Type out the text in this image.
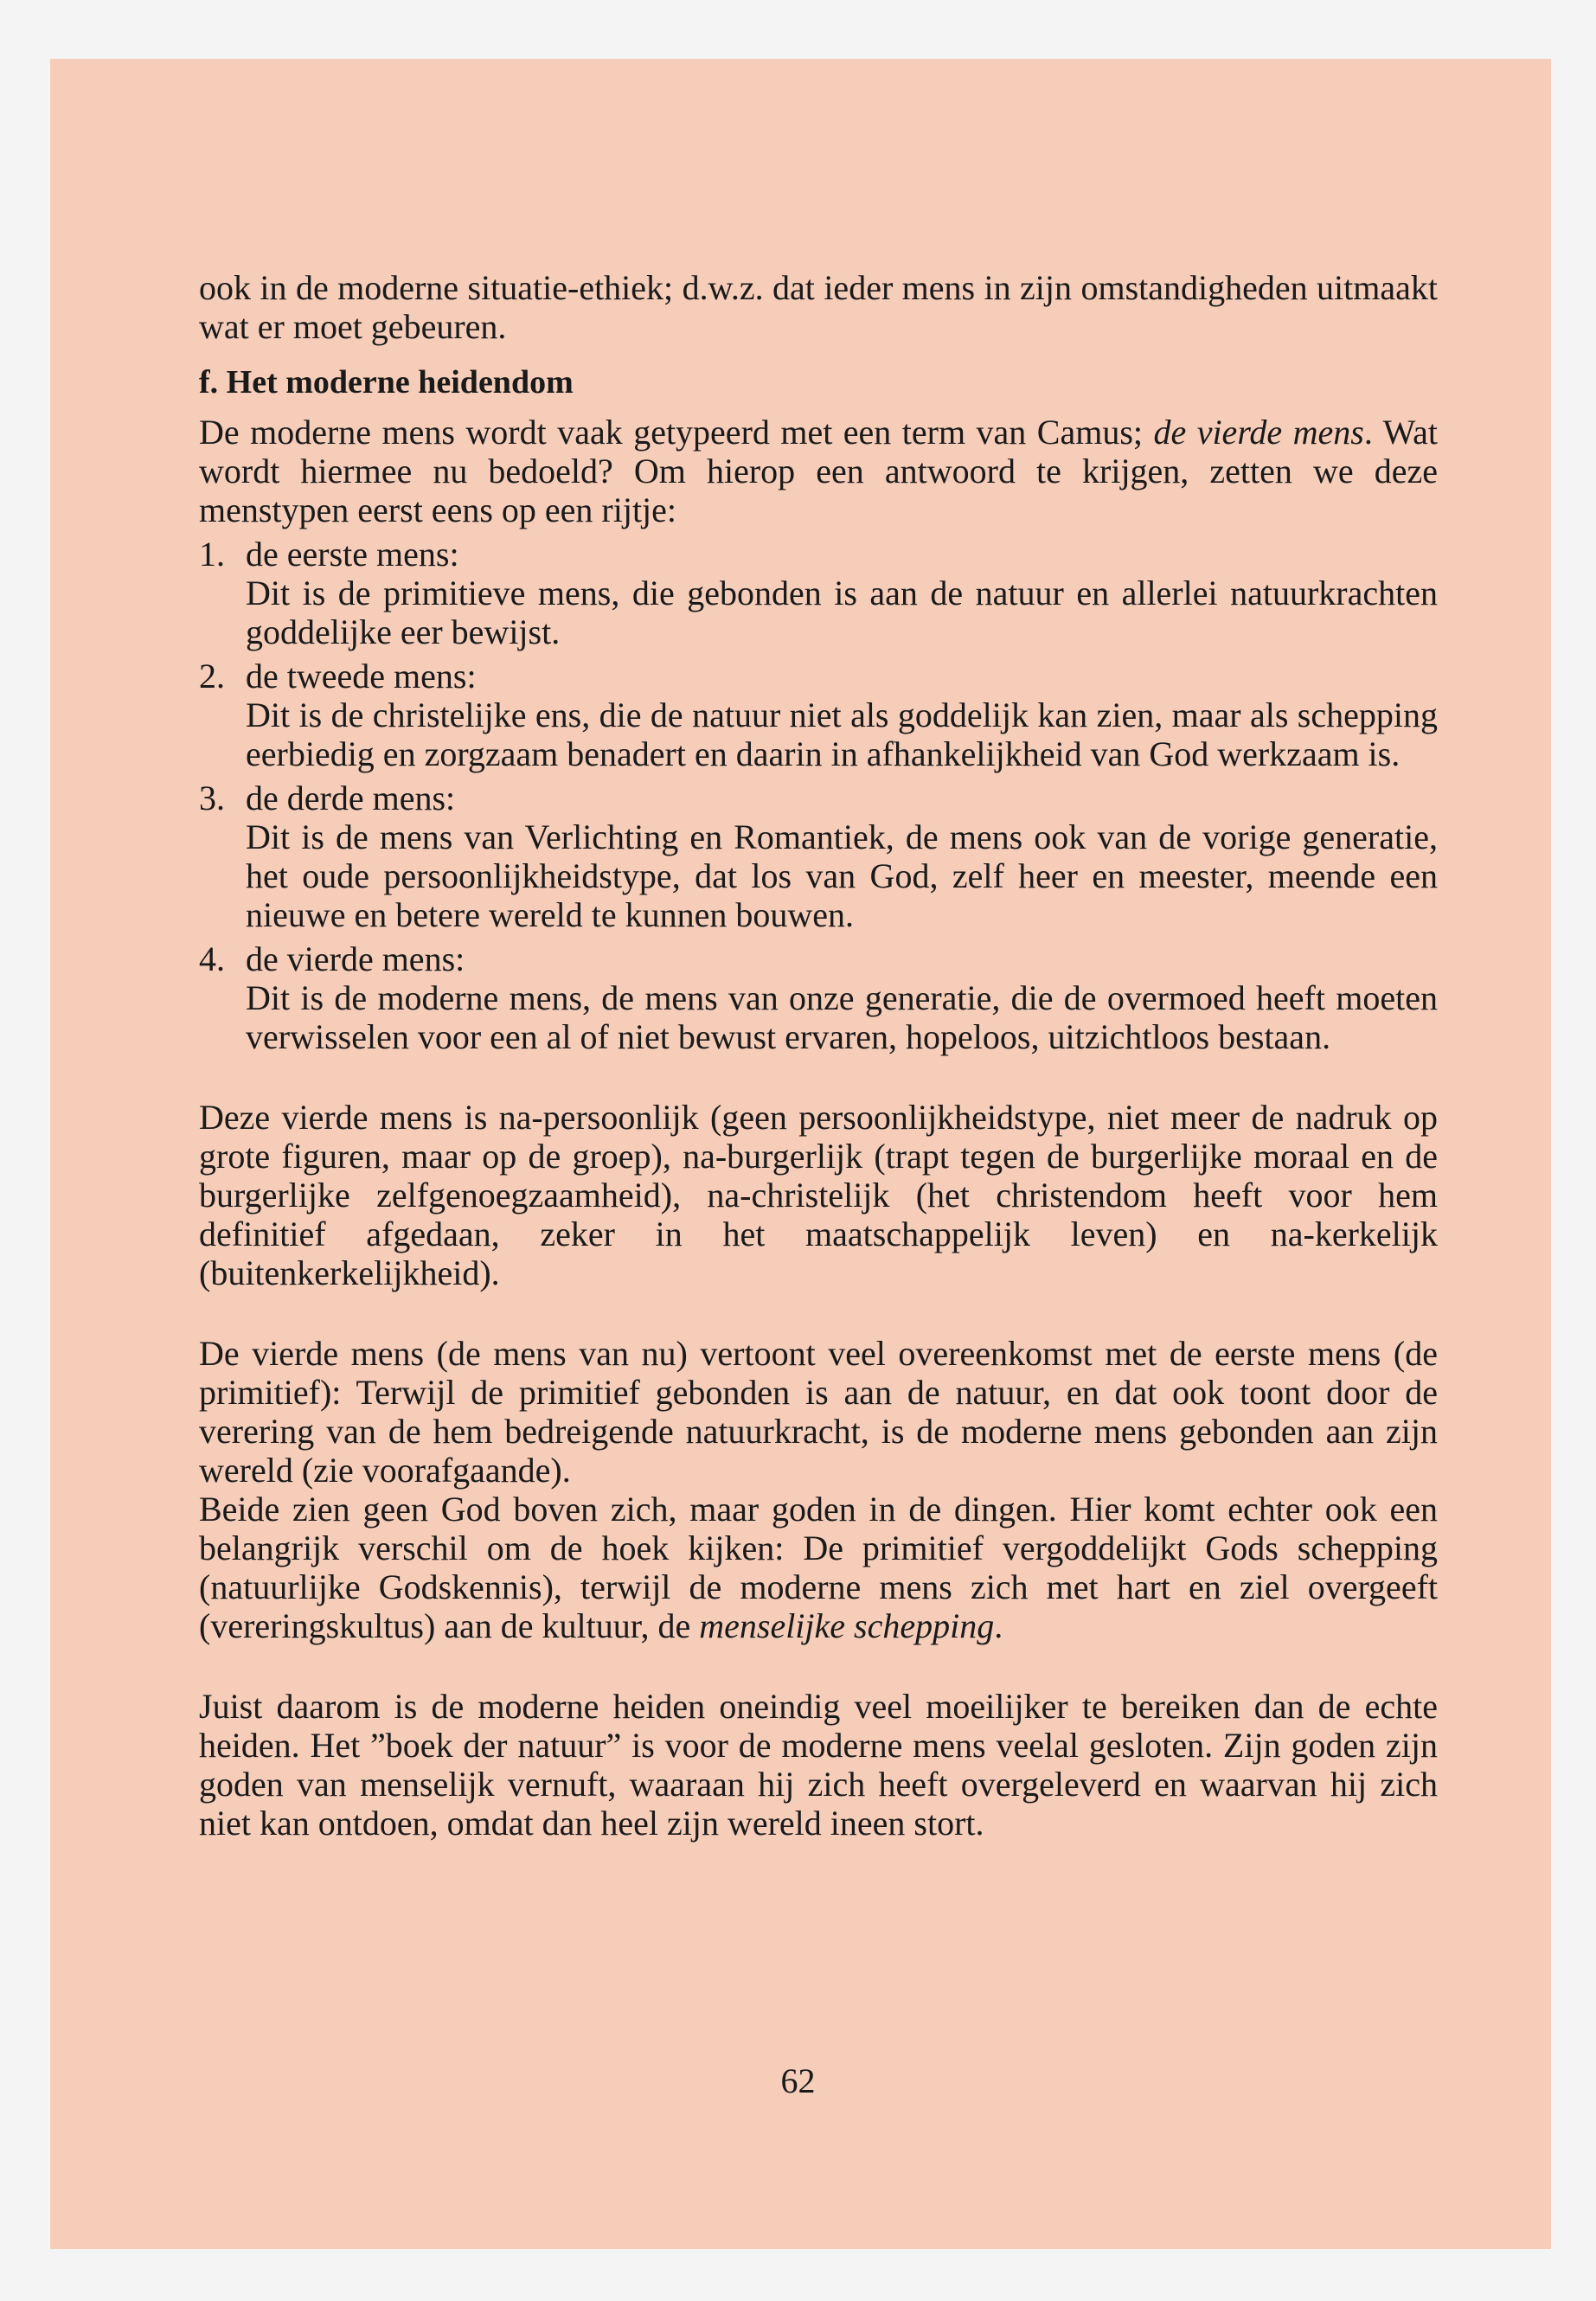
ook in de moderne situatie-ethiek; d.w.z. dat ieder mens in zijn omstandigheden uitmaakt wat er moet gebeuren.

f. Het moderne heidendom

De moderne mens wordt vaak getypeerd met een term van Camus; de vierde mens. Wat wordt hiermee nu bedoeld? Om hierop een antwoord te krijgen, zetten we deze menstypen eerst eens op een rijtje:

1. de eerste mens:

Dit is de primitieve mens, die gebonden is aan de natuur en allerlei natuurkrachten goddelijke eer bewijst.

2. de tweede mens:

Dit is de christelijke ens, die de natuur niet als goddelijk kan zien, maar als schepping eerbiedig en zorgzaam benadert en daarin in afhankelijkheid van God werkzaam is.

3. de derde mens:

Dit is de mens van Verlichting en Romantiek, de mens ook van de vorige generatie, het oude persoonlijkheidstype, dat los van God, zelf heer en meester, meende een nieuwe en betere wereld te kunnen bouwen.

4. de vierde mens:

Dit is de moderne mens, de mens van onze generatie, die de overmoed heeft moeten verwisselen voor een al of niet bewust ervaren, hopeloos, uitzichtloos bestaan.

Deze vierde mens is na-persoonlijk (geen persoonlijkheidstype, niet meer de nadruk op grote figuren, maar op de groep), na-burgerlijk (trapt tegen de burgerlijke moraal en de burgerlijke zelfgenoegzaamheid), na-christelijk (het christendom heeft voor hem definitief afgedaan, zeker in het maatschappelijk leven) en na-kerkelijk (buitenkerkelijkheid).

De vierde mens (de mens van nu) vertoont veel overeenkomst met de eerste mens (de primitief): Terwijl de primitief gebonden is aan de natuur, en dat ook toont door de verering van de hem bedreigende natuurkracht, is de moderne mens gebonden aan zijn wereld (zie voorafgaande).

Beide zien geen God boven zich, maar goden in de dingen. Hier komt echter ook een belangrijk verschil om de hoek kijken: De primitief vergoddelijkt Gods schepping (natuurlijke Godskennis), terwijl de moderne mens zich met hart en ziel overgeeft (vereringskultus) aan de kultuur, de menselijke schepping.

Juist daarom is de moderne heiden oneindig veel moeilijker te bereiken dan de echte heiden. Het ”boek der natuur” is voor de moderne mens veelal gesloten. Zijn goden zijn goden van menselijk vernuft, waaraan hij zich heeft overgeleverd en waarvan hij zich niet kan ontdoen, omdat dan heel zijn wereld ineen stort.

62
